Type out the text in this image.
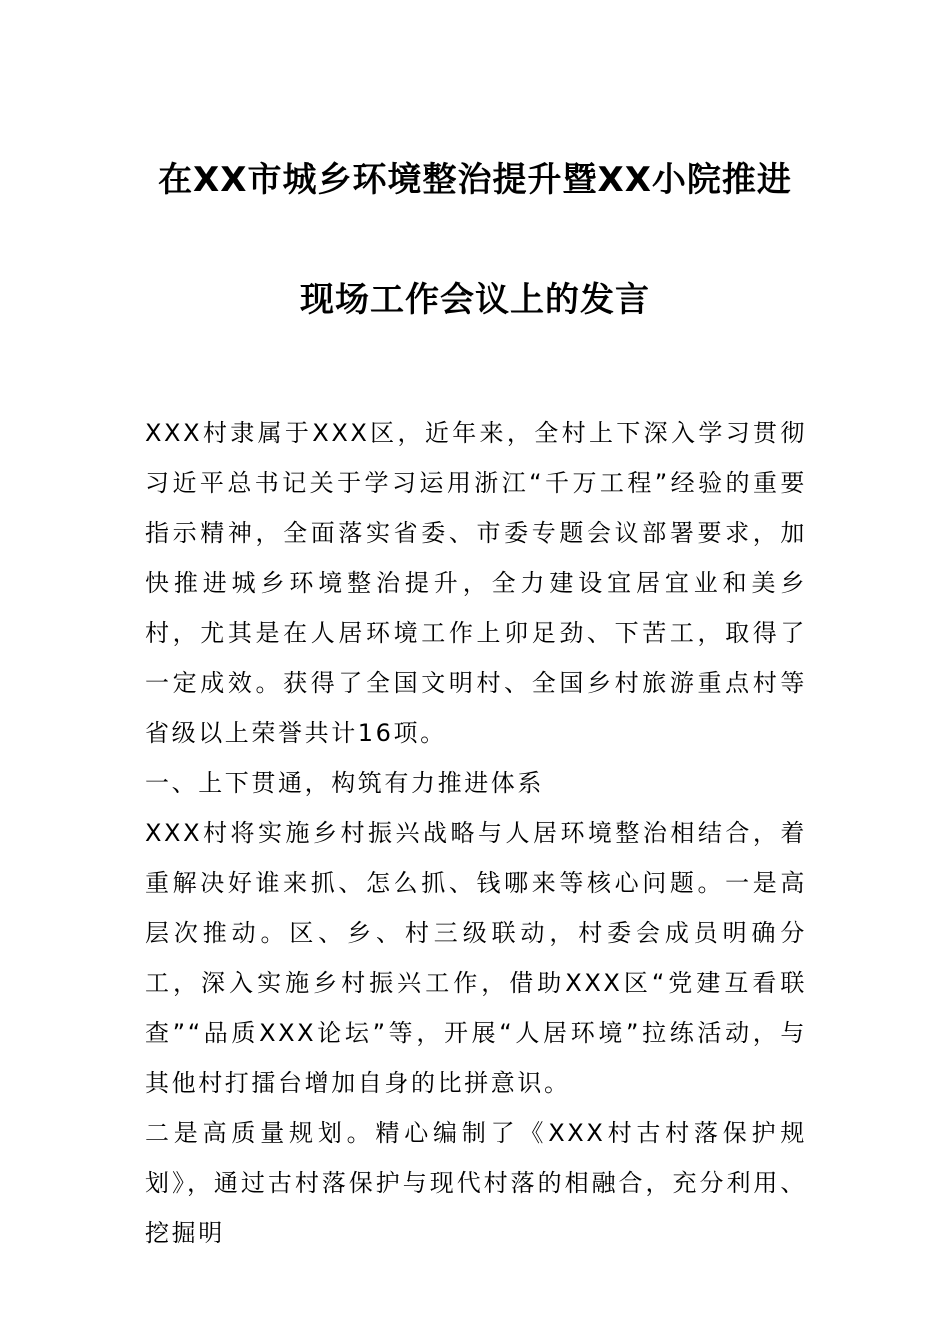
在XX市城乡环境整治提升暨XX小院推进
现场工作会议上的发言

XXX村隶属于XXX区，近年来，全村上下深入学习贯彻习近平总书记关于学习运用浙江“千万工程”经验的重要指示精神，全面落实省委、市委专题会议部署要求，加快推进城乡环境整治提升，全力建设宜居宜业和美乡村，尤其是在人居环境工作上卯足劲、下苦工，取得了一定成效。获得了全国文明村、全国乡村旅游重点村等省级以上荣誉共计16项。

一、上下贯通，构筑有力推进体系

XXX村将实施乡村振兴战略与人居环境整治相结合，着重解决好谁来抓、怎么抓、钱哪来等核心问题。一是高层次推动。区、乡、村三级联动，村委会成员明确分工，深入实施乡村振兴工作，借助XXX区“党建互看联查”“品质XXX论坛”等，开展“人居环境”拉练活动，与其他村打擂台增加自身的比拼意识。

二是高质量规划。精心编制了《XXX村古村落保护规划》，通过古村落保护与现代村落的相融合，充分利用、挖掘明
